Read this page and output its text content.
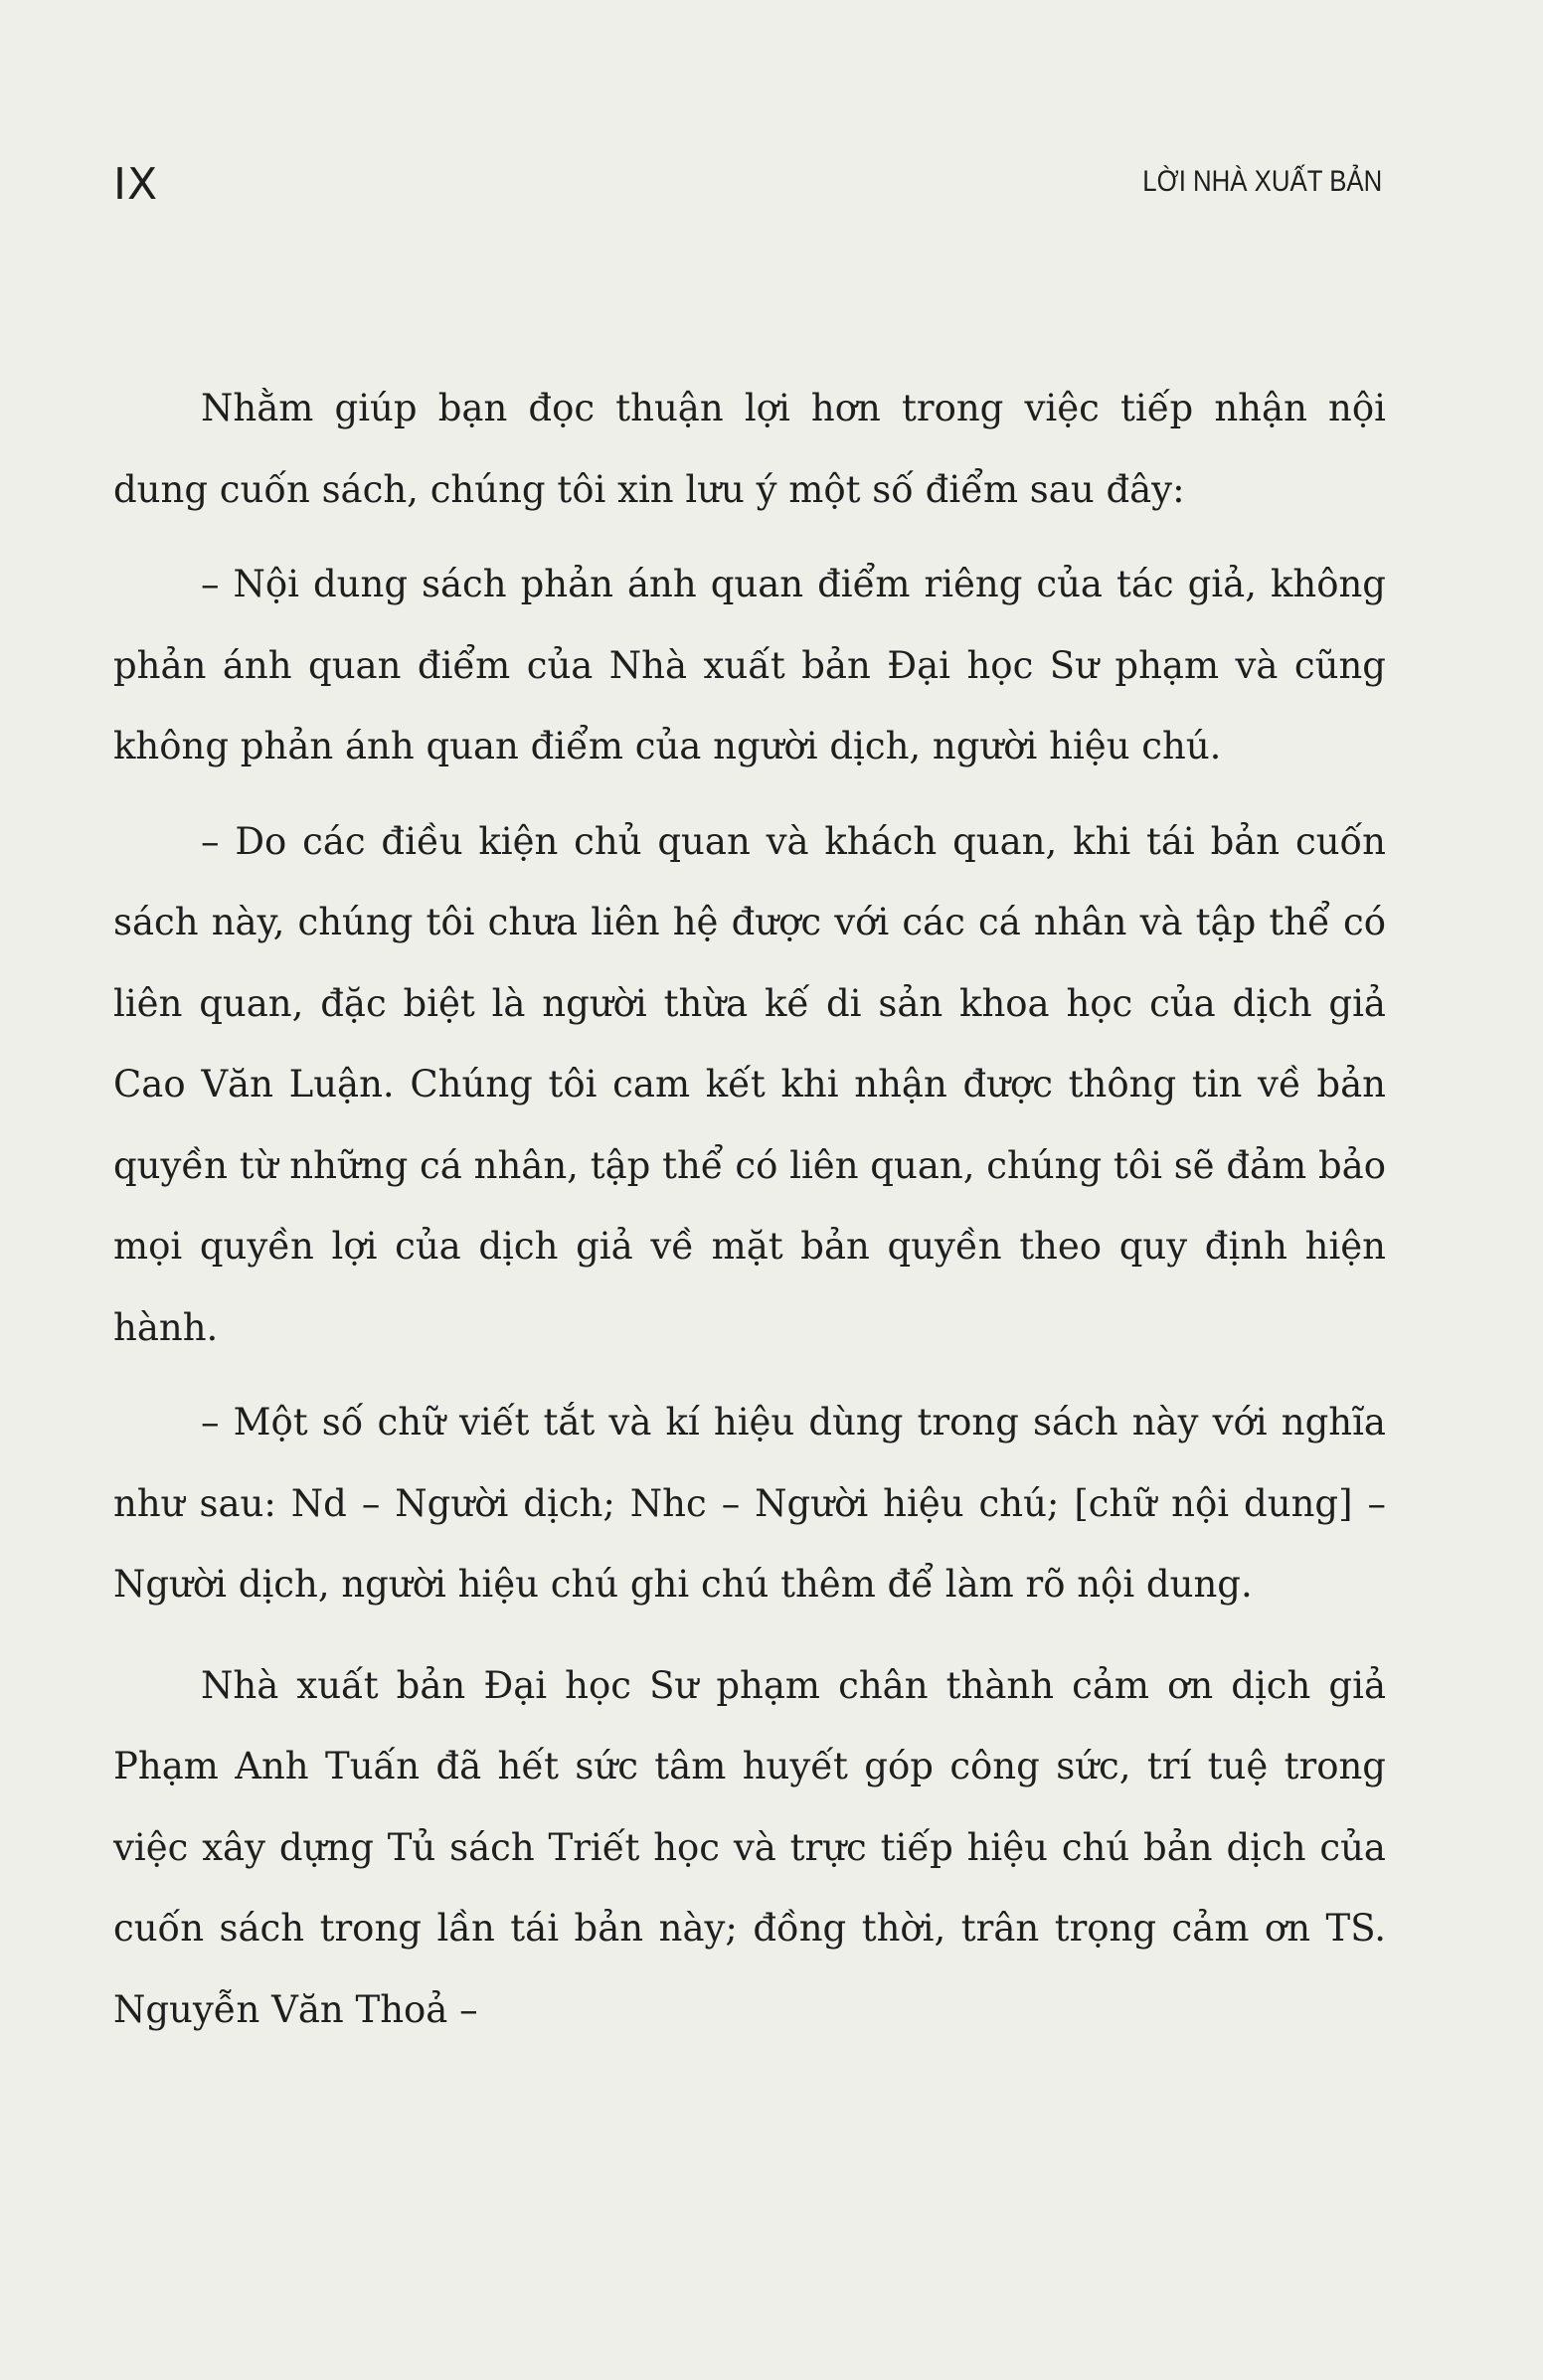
IX	LỜI NHÀ XUẤT BẢN

Nhằm giúp bạn đọc thuận lợi hơn trong việc tiếp nhận nội dung cuốn sách, chúng tôi xin lưu ý một số điểm sau đây:

– Nội dung sách phản ánh quan điểm riêng của tác giả, không phản ánh quan điểm của Nhà xuất bản Đại học Sư phạm và cũng không phản ánh quan điểm của người dịch, người hiệu chú.

– Do các điều kiện chủ quan và khách quan, khi tái bản cuốn sách này, chúng tôi chưa liên hệ được với các cá nhân và tập thể có liên quan, đặc biệt là người thừa kế di sản khoa học của dịch giả Cao Văn Luận. Chúng tôi cam kết khi nhận được thông tin về bản quyền từ những cá nhân, tập thể có liên quan, chúng tôi sẽ đảm bảo mọi quyền lợi của dịch giả về mặt bản quyền theo quy định hiện hành.

– Một số chữ viết tắt và kí hiệu dùng trong sách này với nghĩa như sau: Nd – Người dịch; Nhc – Người hiệu chú; [chữ nội dung] – Người dịch, người hiệu chú ghi chú thêm để làm rõ nội dung.

Nhà xuất bản Đại học Sư phạm chân thành cảm ơn dịch giả Phạm Anh Tuấn đã hết sức tâm huyết góp công sức, trí tuệ trong việc xây dựng Tủ sách Triết học và trực tiếp hiệu chú bản dịch của cuốn sách trong lần tái bản này; đồng thời, trân trọng cảm ơn TS. Nguyễn Văn Thoả –
